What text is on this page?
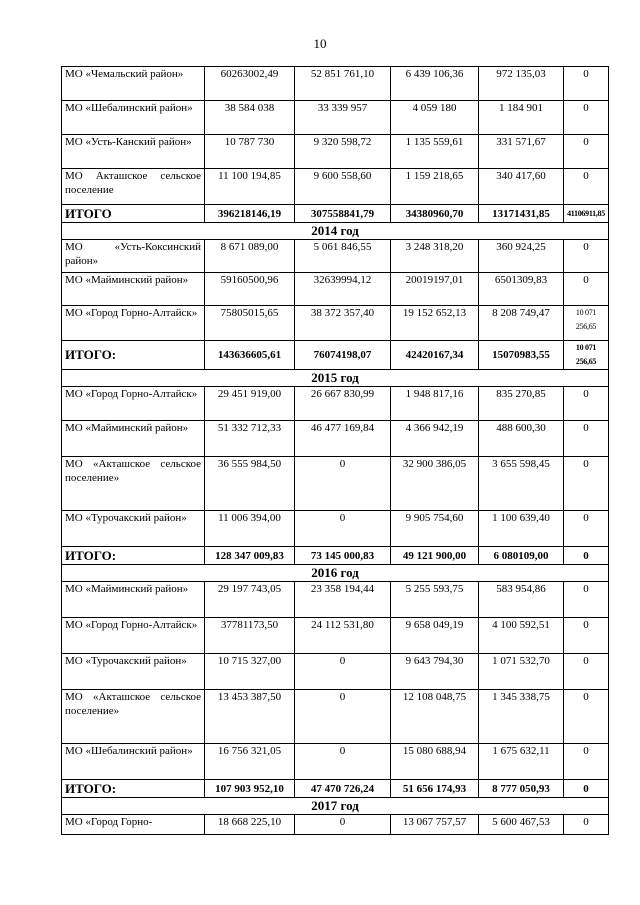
10
МО «Чемальский район»	60263002,49	52 851 761,10	6 439 106,36	972 135,03	0
МО «Шебалинский район»	38 584 038	33 339 957	4 059 180	1 184 901	0
МО «Усть-Канский район»	10 787 730	9 320 598,72	1 135 559,61	331 571,67	0
МО Акташское сельское поселение	11 100 194,85	9 600 558,60	1 159 218,65	340 417,60	0
ИТОГО	396218146,19	307558841,79	34380960,70	13171431,85	41106911,85
2014 год					
МО «Усть-Коксинский район»	8 671 089,00	5 061 846,55	3 248 318,20	360 924,25	0
МО «Майминский район»	59160500,96	32639994,12	20019197,01	6501309,83	0
МО «Город Горно-Алтайск»	75805015,65	38 372 357,40	19 152 652,13	8 208 749,47	10 071 256,65
ИТОГО:	143636605,61	76074198,07	42420167,34	15070983,55	10 071 256,65
2015 год					
МО «Город Горно-Алтайск»	29 451 919,00	26 667 830,99	1 948 817,16	835 270,85	0
МО «Майминский район»	51 332 712,33	46 477 169,84	4 366 942,19	488 600,30	0
МО «Акташское сельское поселение»	36 555 984,50	0	32 900 386,05	3 655 598,45	0
МО «Турочакский район»	11 006 394,00	0	9 905 754,60	1 100 639,40	0
ИТОГО:	128 347 009,83	73 145 000,83	49 121 900,00	6 080109,00	0
2016 год					
МО «Майминский район»	29 197 743,05	23 358 194,44	5 255 593,75	583 954,86	0
МО «Город Горно-Алтайск»	37781173,50	24 112 531,80	9 658 049,19	4 100 592,51	0
МО «Турочакский район»	10 715 327,00	0	9 643 794,30	1 071 532,70	0
МО «Акташское сельское поселение»	13 453 387,50	0	12 108 048,75	1 345 338,75	0
МО «Шебалинский район»	16 756 321,05	0	15 080 688,94	1 675 632,11	0
ИТОГО:	107 903 952,10	47 470 726,24	51 656 174,93	8 777 050,93	0
2017 год					
МО «Город Горно-	18 668 225,10	0	13 067 757,57	5 600 467,53	0
